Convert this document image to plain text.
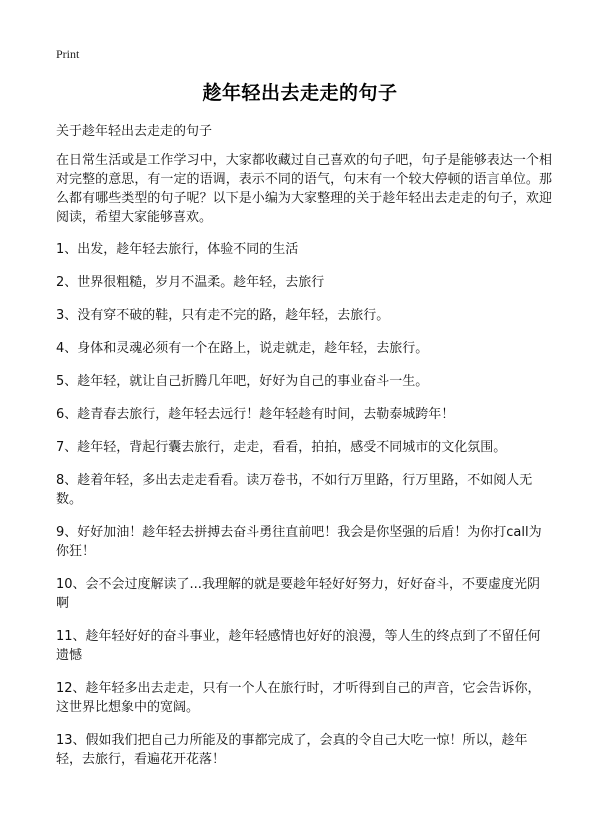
Print
趁年轻出去走走的句子
关于趁年轻出去走走的句子

在日常生活或是工作学习中，大家都收藏过自己喜欢的句子吧，句子是能够表达一个相对完整的意思，有一定的语调，表示不同的语气，句末有一个较大停顿的语言单位。那么都有哪些类型的句子呢？以下是小编为大家整理的关于趁年轻出去走走的句子，欢迎阅读，希望大家能够喜欢。

1、出发，趁年轻去旅行，体验不同的生活

2、世界很粗糙，岁月不温柔。趁年轻，去旅行

3、没有穿不破的鞋，只有走不完的路，趁年轻，去旅行。

4、身体和灵魂必须有一个在路上，说走就走，趁年轻，去旅行。

5、趁年轻，就让自己折腾几年吧，好好为自己的事业奋斗一生。

6、趁青春去旅行，趁年轻去远行！趁年轻趁有时间，去勒泰城跨年！

7、趁年轻，背起行囊去旅行，走走，看看，拍拍，感受不同城市的文化氛围。

8、趁着年轻，多出去走走看看。读万卷书，不如行万里路，行万里路，不如阅人无数。

9、好好加油！趁年轻去拼搏去奋斗勇往直前吧！我会是你坚强的后盾！为你打call为你狂！

10、会不会过度解读了...我理解的就是要趁年轻好好努力，好好奋斗，不要虚度光阴啊

11、趁年轻好好的奋斗事业，趁年轻感情也好好的浪漫，等人生的终点到了不留任何遗憾

12、趁年轻多出去走走，只有一个人在旅行时，才听得到自己的声音，它会告诉你，这世界比想象中的宽阔。

13、假如我们把自己力所能及的事都完成了，会真的令自己大吃一惊！所以，趁年轻，去旅行，看遍花开花落！
